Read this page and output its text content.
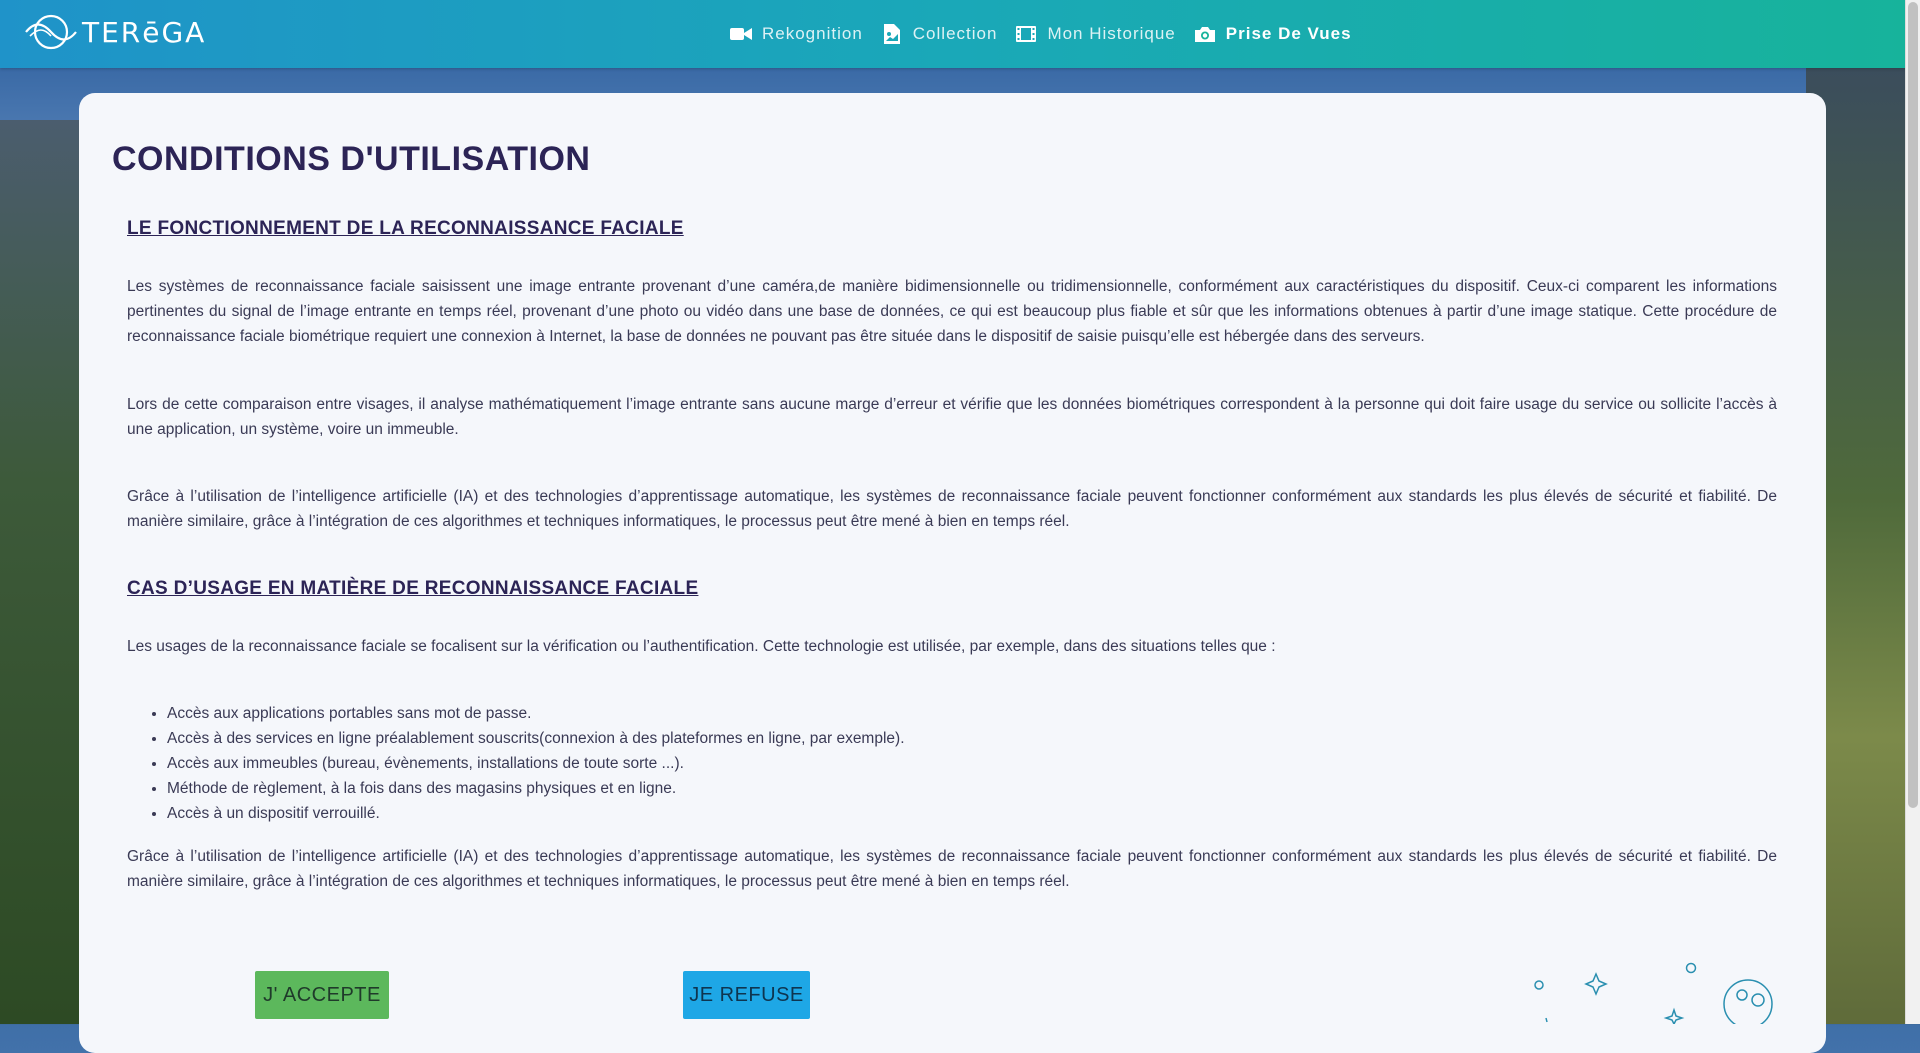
TERēGA	Rekognition	Collection	Mon Historique	Prise De Vues
CONDITIONS D'UTILISATION
LE FONCTIONNEMENT DE LA RECONNAISSANCE FACIALE

Les systèmes de reconnaissance faciale saisissent une image entrante provenant d’une caméra,de manière bidimensionnelle ou tridimensionnelle, conformément aux caractéristiques du dispositif. Ceux-ci comparent les informations pertinentes du signal de l’image entrante en temps réel, provenant d’une photo ou vidéo dans une base de données, ce qui est beaucoup plus fiable et sûr que les informations obtenues à partir d’une image statique. Cette procédure de reconnaissance faciale biométrique requiert une connexion à Internet, la base de données ne pouvant pas être située dans le dispositif de saisie puisqu’elle est hébergée dans des serveurs.

Lors de cette comparaison entre visages, il analyse mathématiquement l’image entrante sans aucune marge d’erreur et vérifie que les données biométriques correspondent à la personne qui doit faire usage du service ou sollicite l’accès à une application, un système, voire un immeuble.

Grâce à l’utilisation de l’intelligence artificielle (IA) et des technologies d’apprentissage automatique, les systèmes de reconnaissance faciale peuvent fonctionner conformément aux standards les plus élevés de sécurité et fiabilité. De manière similaire, grâce à l’intégration de ces algorithmes et techniques informatiques, le processus peut être mené à bien en temps réel.

CAS D’USAGE EN MATIÈRE DE RECONNAISSANCE FACIALE

Les usages de la reconnaissance faciale se focalisent sur la vérification ou l’authentification. Cette technologie est utilisée, par exemple, dans des situations telles que :

• Accès aux applications portables sans mot de passe.
• Accès à des services en ligne préalablement souscrits(connexion à des plateformes en ligne, par exemple).
• Accès aux immeubles (bureau, évènements, installations de toute sorte ...).
• Méthode de règlement, à la fois dans des magasins physiques et en ligne.
• Accès à un dispositif verrouillé.

Grâce à l’utilisation de l’intelligence artificielle (IA) et des technologies d’apprentissage automatique, les systèmes de reconnaissance faciale peuvent fonctionner conformément aux standards les plus élevés de sécurité et fiabilité. De manière similaire, grâce à l’intégration de ces algorithmes et techniques informatiques, le processus peut être mené à bien en temps réel.

J' ACCEPTE	JE REFUSE
